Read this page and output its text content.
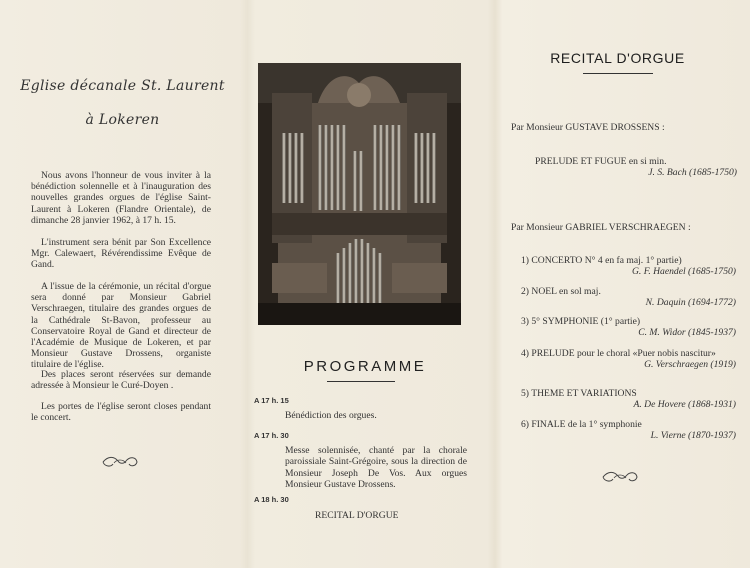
Eglise décanale St. Laurent
à Lokeren
Nous avons l'honneur de vous inviter à la bénédiction solennelle et à l'inauguration des nouvelles grandes orgues de l'église Saint-Laurent à Lokeren (Flandre Orientale), de dimanche 28 janvier 1962, à 17 h. 15.
L'instrument sera bénit par Son Excellence Mgr. Calewaert, Révérendissime Evêque de Gand.
A l'issue de la cérémonie, un récital d'orgue sera donné par Monsieur Gabriel Verschraegen, titulaire des grandes orgues de la Cathédrale St-Bavon, professeur au Conservatoire Royal de Gand et directeur de l'Académie de Musique de Lokeren, et par Monsieur Gustave Drossens, organiste titulaire de l'église.
Des places seront réservées sur demande adressée à Monsieur le Curé-Doyen .
Les portes de l'église seront closes pendant le concert.
PROGRAMME
A 17 h. 15
Bénédiction des orgues.
A 17 h. 30
Messe solennisée, chanté par la chorale paroissiale Saint-Grégoire, sous la direction de Monsieur Joseph De Vos. Aux orgues Monsieur Gustave Drossens.
A 18 h. 30
RECITAL D'ORGUE
RECITAL D'ORGUE
Par Monsieur GUSTAVE DROSSENS :
PRELUDE ET FUGUE en si min.
J. S. Bach (1685-1750)
Par Monsieur GABRIEL VERSCHRAEGEN :
1) CONCERTO N° 4 en fa maj. 1° partie)
G. F. Haendel (1685-1750)
2) NOEL en sol maj.
N. Daquin (1694-1772)
3) 5° SYMPHONIE (1° partie)
C. M. Widor (1845-1937)
4) PRELUDE pour le choral «Puer nobis nascitur»
G. Verschraegen (1919)
5) THEME ET VARIATIONS
A. De Hovere (1868-1931)
6) FINALE de la 1° symphonie
L. Vierne (1870-1937)
